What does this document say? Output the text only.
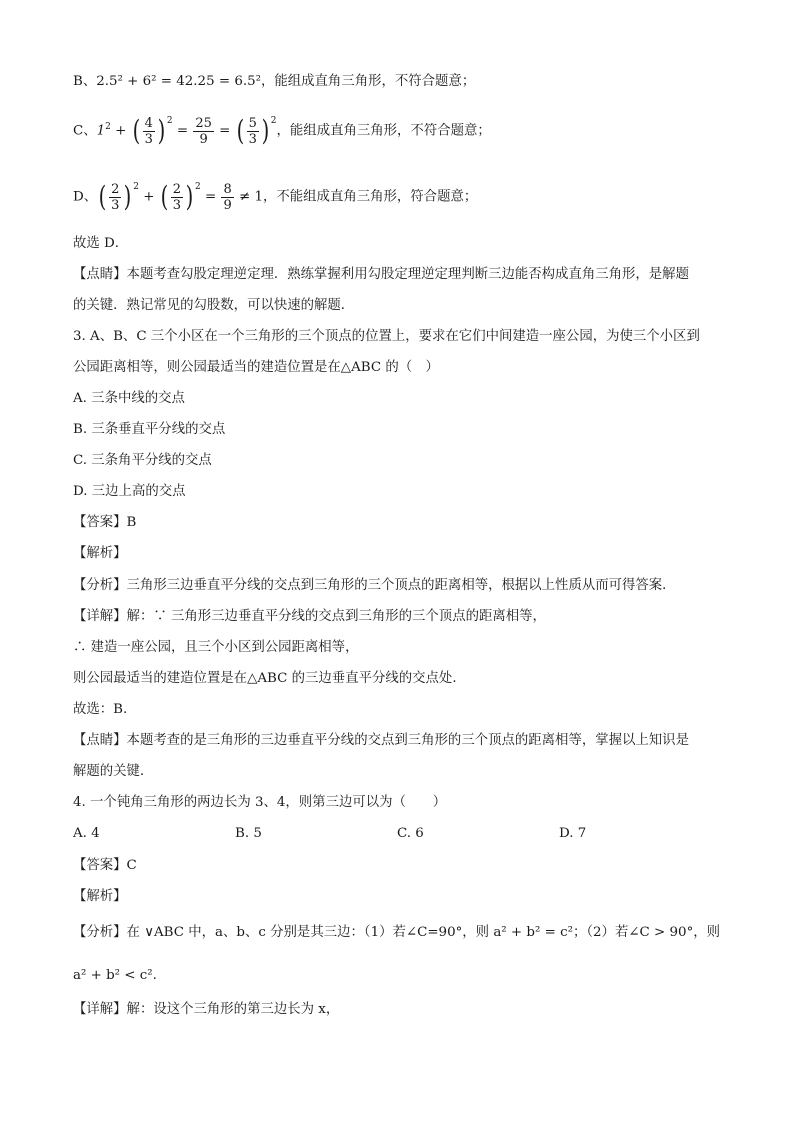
B、2.5² + 6² = 42.25 = 6.5²，能组成直角三角形，不符合题意；
C、$1^2$ + ( $\frac{4}{3}$ ) $^2 = \frac{25}{9}$ = ( $\frac{5}{3}$ ) $^2$，能组成直角三角形，不符合题意；
D、( $\frac{2}{3}$ ) $^2$ + ( $\frac{2}{3}$ ) $^2 = \frac{8}{9} \ne 1$，不能组成直角三角形，符合题意；
故选 D．
【点睛】本题考查勾股定理逆定理．熟练掌握利用勾股定理逆定理判断三边能否构成直角三角形，是解题
的关键．熟记常见的勾股数，可以快速的解题．
3. A、B、C 三个小区在一个三角形的三个顶点的位置上，要求在它们中间建造一座公园，为使三个小区到
公园距离相等，则公园最适当的建造位置是在△ABC 的（　）
A. 三条中线的交点
B. 三条垂直平分线的交点
C. 三条角平分线的交点
D. 三边上高的交点
【答案】B
【解析】
【分析】三角形三边垂直平分线的交点到三角形的三个顶点的距离相等，根据以上性质从而可得答案．
【详解】解：∵ 三角形三边垂直平分线的交点到三角形的三个顶点的距离相等，
∴ 建造一座公园，且三个小区到公园距离相等，
则公园最适当的建造位置是在△ABC 的三边垂直平分线的交点处．
故选：B.
【点睛】本题考查的是三角形的三边垂直平分线的交点到三角形的三个顶点的距离相等，掌握以上知识是
解题的关键．
4. 一个钝角三角形的两边长为 3、4，则第三边可以为（　　）
A. 4	B. 5	C. 6	D. 7
【答案】C
【解析】
【分析】在 ∨ABC 中，a、b、c 分别是其三边：（1）若∠C=90°，则 a² + b² = c²；（2）若∠C > 90°，则
a² + b² < c².
【详解】解：设这个三角形的第三边长为 x，
